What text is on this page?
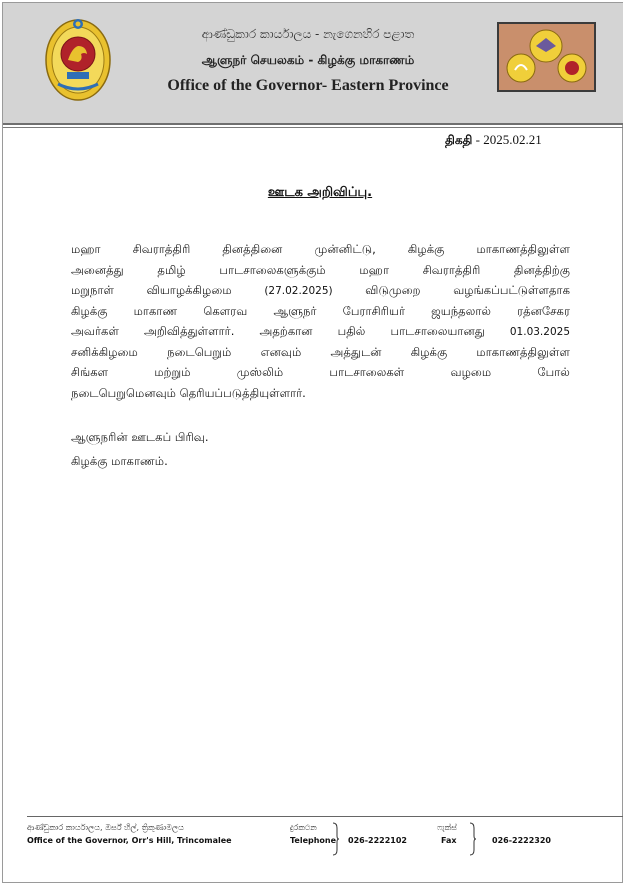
ආණ්ඩුකාර කාර්යාලය - නැගෙනහිර පළාත
ஆளுநர் செயலகம் - கிழக்கு மாகாணம்
Office of the Governor- Eastern Province
திகதி - 2025.02.21
ஊடக அறிவிப்பு.
மஹா	சிவராத்திரி	தினத்தினை	முன்னிட்டு,	கிழக்கு	மாகாணத்திலுள்ள
அனைத்து	தமிழ்	பாடசாலைகளுக்கும்	மஹா	சிவராத்திரி	தினத்திற்கு
மறுநாள்	வியாழக்கிழமை	(27.02.2025)	விடுமுறை	வழங்கப்பட்டுள்ளதாக
கிழக்கு மாகாண கௌரவ ஆளுநர் பேராசிரியர் ஜயந்தலால் ரத்னசேகர
அவர்கள் அறிவித்துள்ளார். அதற்கான பதில் பாடசாலையானது 01.03.2025
சனிக்கிழமை	நடைபெறும்	எனவும்	அத்துடன்	கிழக்கு	மாகாணத்திலுள்ள
சிங்கள	மற்றும்	முஸ்லிம்	பாடசாலைகள்	வழமை	போல்
நடைபெறுமெனவும் தெரியப்படுத்தியுள்ளார்.
ஆளுநரின் ஊடகப் பிரிவு.
கிழக்கு மாகாணம்.
ආණ්ඩුකාර කාර්යාලය, ඔර්ස් හිල්, ත්‍රිකුණාමලය
Office of the Governor, Orr's Hill, Trincomalee
දුරකථන
Telephone 026-2222102
ෆැක්ස්
Fax	026-2222320
